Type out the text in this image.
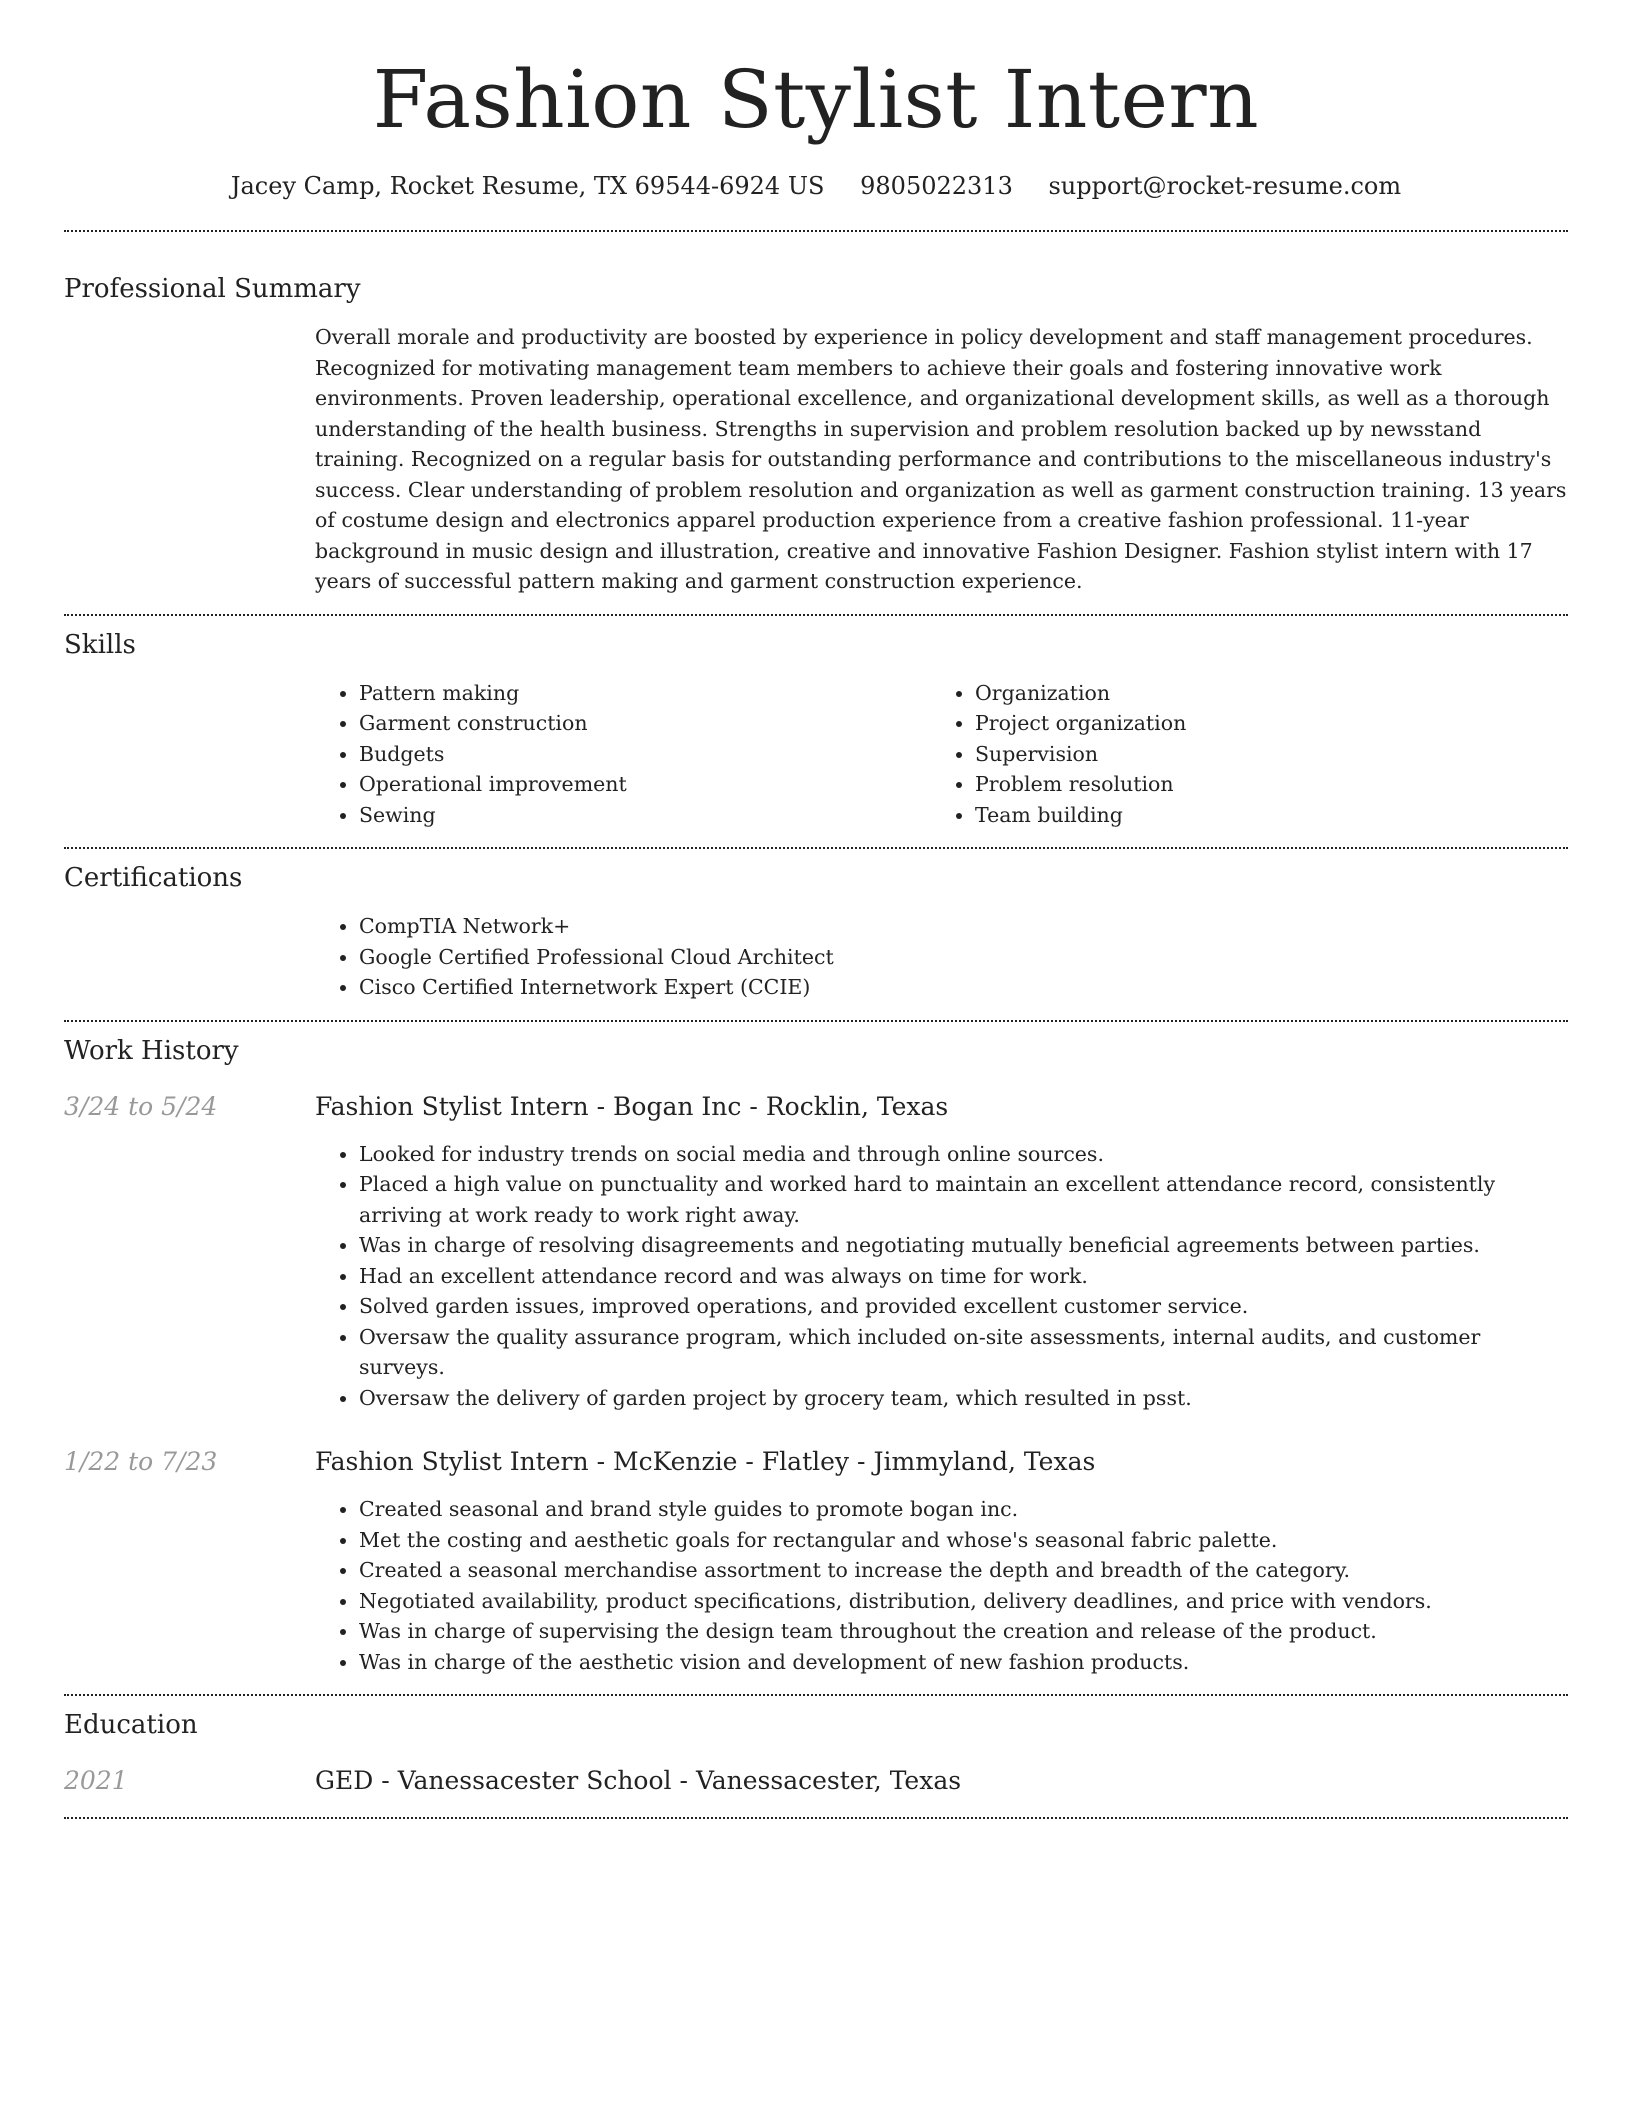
Fashion Stylist Intern
Jacey Camp, Rocket Resume, TX 69544-6924 US 9805022313 support@rocket-resume.com
Professional Summary

Overall morale and productivity are boosted by experience in policy development and staff management procedures. Recognized for motivating management team members to achieve their goals and fostering innovative work environments. Proven leadership, operational excellence, and organizational development skills, as well as a thorough understanding of the health business. Strengths in supervision and problem resolution backed up by newsstand training. Recognized on a regular basis for outstanding performance and contributions to the miscellaneous industry's success. Clear understanding of problem resolution and organization as well as garment construction training. 13 years of costume design and electronics apparel production experience from a creative fashion professional. 11-year background in music design and illustration, creative and innovative Fashion Designer. Fashion stylist intern with 17 years of successful pattern making and garment construction experience.

Skills
• Pattern making
• Garment construction
• Budgets
• Operational improvement
• Sewing
• Organization
• Project organization
• Supervision
• Problem resolution
• Team building
Certifications
• CompTIA Network+
• Google Certified Professional Cloud Architect
• Cisco Certified Internetwork Expert (CCIE)
Work History
3/24 to 5/24	Fashion Stylist Intern - Bogan Inc - Rocklin, Texas
• Looked for industry trends on social media and through online sources.
• Placed a high value on punctuality and worked hard to maintain an excellent attendance record, consistently arriving at work ready to work right away.
• Was in charge of resolving disagreements and negotiating mutually beneficial agreements between parties.
• Had an excellent attendance record and was always on time for work.
• Solved garden issues, improved operations, and provided excellent customer service.
• Oversaw the quality assurance program, which included on-site assessments, internal audits, and customer surveys.
• Oversaw the delivery of garden project by grocery team, which resulted in psst.
1/22 to 7/23	Fashion Stylist Intern - McKenzie - Flatley - Jimmyland, Texas
• Created seasonal and brand style guides to promote bogan inc.
• Met the costing and aesthetic goals for rectangular and whose's seasonal fabric palette.
• Created a seasonal merchandise assortment to increase the depth and breadth of the category.
• Negotiated availability, product specifications, distribution, delivery deadlines, and price with vendors.
• Was in charge of supervising the design team throughout the creation and release of the product.
• Was in charge of the aesthetic vision and development of new fashion products.
Education
2021	GED - Vanessacester School - Vanessacester, Texas
